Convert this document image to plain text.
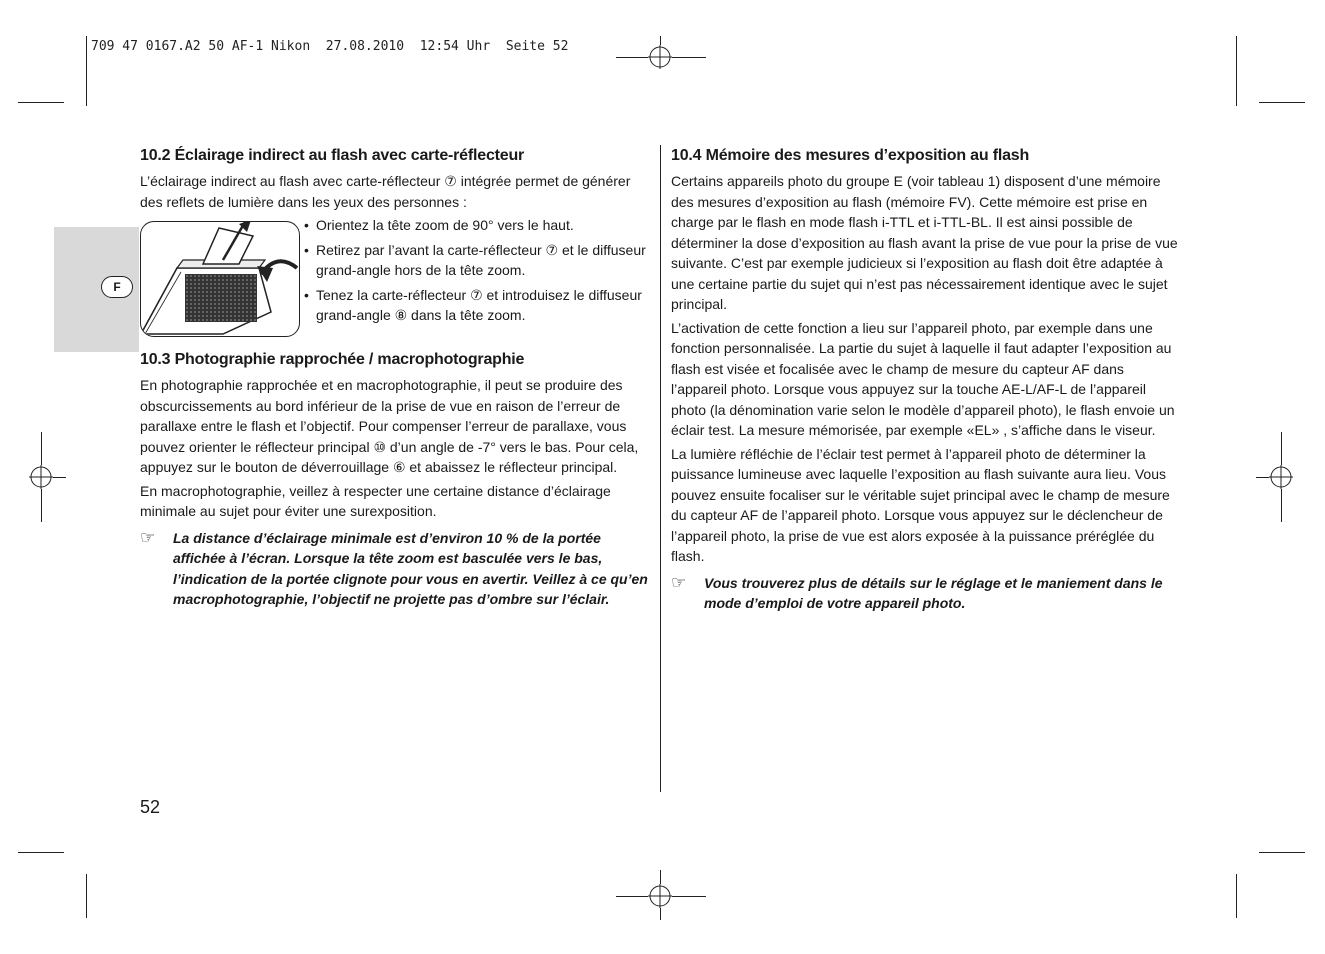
709 47 0167.A2 50 AF-1 Nikon  27.08.2010  12:54 Uhr  Seite 52
F
10.2 Éclairage indirect au flash avec carte-réflecteur

L’éclairage indirect au flash avec carte-réflecteur ⑦ intégrée permet de générer des reflets de lumière dans les yeux des personnes :

• Orientez la tête zoom de 90° vers le haut.
• Retirez par l’avant la carte-réflecteur ⑦ et le diffuseur grand-angle hors de la tête zoom.
• Tenez la carte-réflecteur ⑦ et introduisez le diffuseur grand-angle ⑧ dans la tête zoom.
10.3 Photographie rapprochée / macrophotographie

En photographie rapprochée et en macrophotographie, il peut se produire des obscurcissements au bord inférieur de la prise de vue en raison de l’erreur de parallaxe entre le flash et l’objectif. Pour compenser l’erreur de parallaxe, vous pouvez orienter le réflecteur principal ⑩ d’un angle de -7° vers le bas. Pour cela, appuyez sur le bouton de déverrouillage ⑥ et abaissez le réflecteur principal.

En macrophotographie, veillez à respecter une certaine distance d’éclairage minimale au sujet pour éviter une surexposition.

☞ La distance d’éclairage minimale est d’environ 10 % de la portée affichée à l’écran. Lorsque la tête zoom est basculée vers le bas, l’indication de la portée clignote pour vous en avertir. Veillez à ce qu’en macrophotographie, l’objectif ne projette pas d’ombre sur l’éclair.
10.4 Mémoire des mesures d’exposition au flash

Certains appareils photo du groupe E (voir tableau 1) disposent d’une mémoire des mesures d’exposition au flash (mémoire FV). Cette mémoire est prise en charge par le flash en mode flash i-TTL et i-TTL-BL. Il est ainsi possible de déterminer la dose d’exposition au flash avant la prise de vue pour la prise de vue suivante. C’est par exemple judicieux si l’exposition au flash doit être adaptée à une certaine partie du sujet qui n’est pas nécessairement identique avec le sujet principal.

L’activation de cette fonction a lieu sur l’appareil photo, par exemple dans une fonction personnalisée. La partie du sujet à laquelle il faut adapter l’exposition au flash est visée et focalisée avec le champ de mesure du capteur AF dans l’appareil photo. Lorsque vous appuyez sur la touche AE-L/AF-L de l’appareil photo (la dénomination varie selon le modèle d’appareil photo), le flash envoie un éclair test. La mesure mémorisée, par exemple «EL» , s’affiche dans le viseur.

La lumière réfléchie de l’éclair test permet à l’appareil photo de déterminer la puissance lumineuse avec laquelle l’exposition au flash suivante aura lieu. Vous pouvez ensuite focaliser sur le véritable sujet principal avec le champ de mesure du capteur AF de l’appareil photo. Lorsque vous appuyez sur le déclencheur de l’appareil photo, la prise de vue est alors exposée à la puissance préréglée du flash.

☞ Vous trouverez plus de détails sur le réglage et le maniement dans le mode d’emploi de votre appareil photo.
52
